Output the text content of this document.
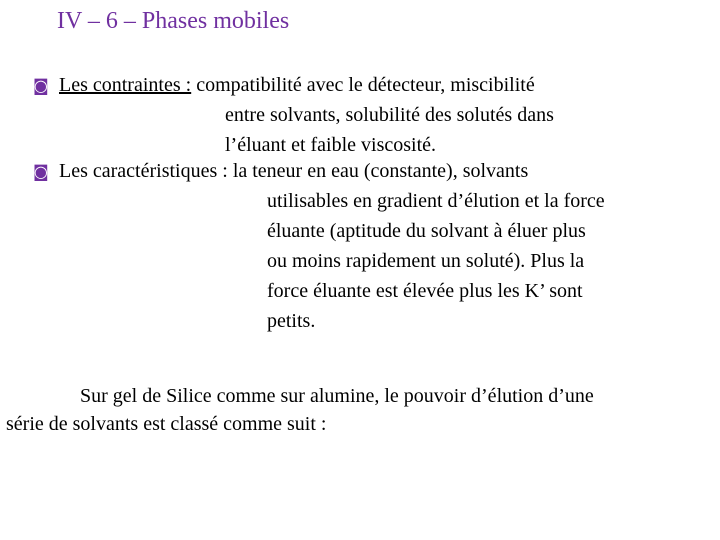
IV – 6 – Phases mobiles
◙ Les contraintes : compatibilité avec le détecteur, miscibilité
entre solvants, solubilité des solutés dans
l’éluant et faible viscosité.
◙ Les caractéristiques : la teneur en eau (constante), solvants
utilisables en gradient d’élution et la force
éluante (aptitude du solvant à éluer plus
ou moins rapidement un soluté). Plus la
force éluante est élevée plus les K’ sont
petits.
Sur gel de Silice comme sur alumine, le pouvoir d’élution d’une
série de solvants est classé comme suit :
